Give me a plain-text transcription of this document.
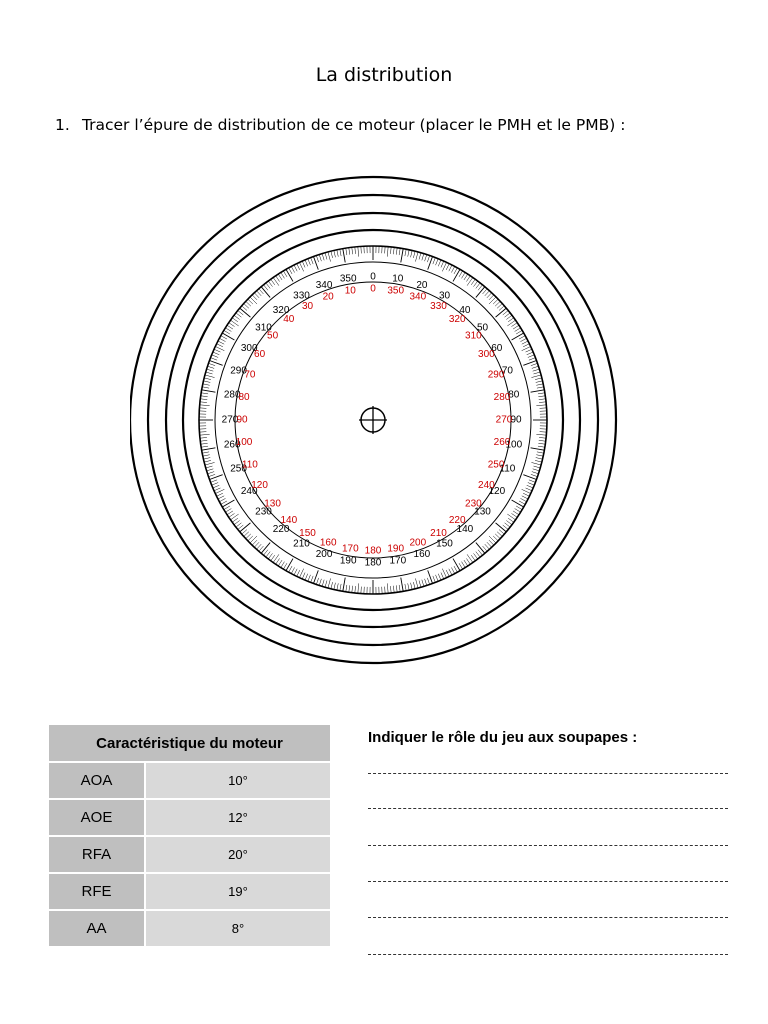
La distribution
1. Tracer l’épure de distribution de ce moteur (placer le PMH et le PMB) :
0 10
20
30
40
50
60
70
80
90
100
110
120
130
140
150
160
170
180
190
200
210
220
230
240
250
260
270
280
290
300
310
320
330
340
350
0
10
20
30
40
50
60
70
80
90
100
110
120
130
140
150
160
170 180 190
200
210
220
230
240
250
260
270
280
290
300
310
320
330
340
350
Caractéristique du moteur
AOA	10°
AOE	12°
RFA	20°
RFE	19°
AA	8°
Indiquer le rôle du jeu aux soupapes :
